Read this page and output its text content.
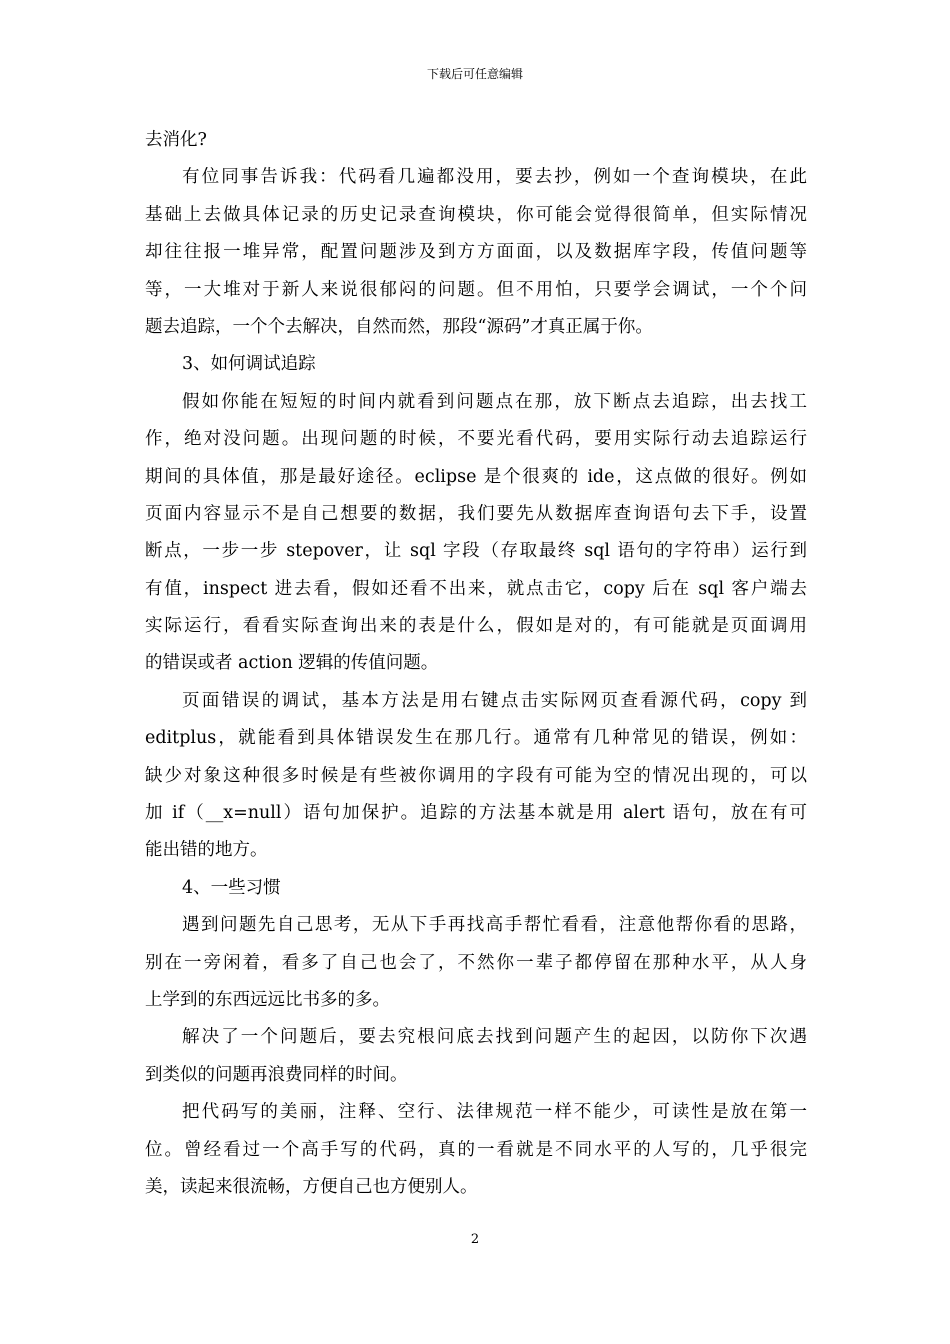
下载后可任意编辑
去消化?
有位同事告诉我：代码看几遍都没用，要去抄，例如一个查询模块，在此
基础上去做具体记录的历史记录查询模块，你可能会觉得很简单，但实际情况
却往往报一堆异常，配置问题涉及到方方面面，以及数据库字段，传值问题等
等，一大堆对于新人来说很郁闷的问题。但不用怕，只要学会调试，一个个问
题去追踪，一个个去解决，自然而然，那段“源码”才真正属于你。
3、如何调试追踪
假如你能在短短的时间内就看到问题点在那，放下断点去追踪，出去找工
作，绝对没问题。出现问题的时候，不要光看代码，要用实际行动去追踪运行
期间的具体值，那是最好途径。eclipse 是个很爽的 ide，这点做的很好。例如
页面内容显示不是自己想要的数据，我们要先从数据库查询语句去下手，设置
断点，一步一步 stepover，让 sql 字段（存取最终 sql 语句的字符串）运行到
有值，inspect 进去看，假如还看不出来，就点击它，copy 后在 sql 客户端去
实际运行，看看实际查询出来的表是什么，假如是对的，有可能就是页面调用
的错误或者 action 逻辑的传值问题。
页面错误的调试，基本方法是用右键点击实际网页查看源代码，copy 到
editplus，就能看到具体错误发生在那几行。通常有几种常见的错误，例如：
缺少对象这种很多时候是有些被你调用的字段有可能为空的情况出现的，可以
加 if（__x=null）语句加保护。追踪的方法基本就是用 alert 语句，放在有可
能出错的地方。
4、一些习惯
遇到问题先自己思考，无从下手再找高手帮忙看看，注意他帮你看的思路，
别在一旁闲着，看多了自己也会了，不然你一辈子都停留在那种水平，从人身
上学到的东西远远比书多的多。
解决了一个问题后，要去究根问底去找到问题产生的起因，以防你下次遇
到类似的问题再浪费同样的时间。
把代码写的美丽，注释、空行、法律规范一样不能少，可读性是放在第一
位。曾经看过一个高手写的代码，真的一看就是不同水平的人写的，几乎很完
美，读起来很流畅，方便自己也方便别人。
2
